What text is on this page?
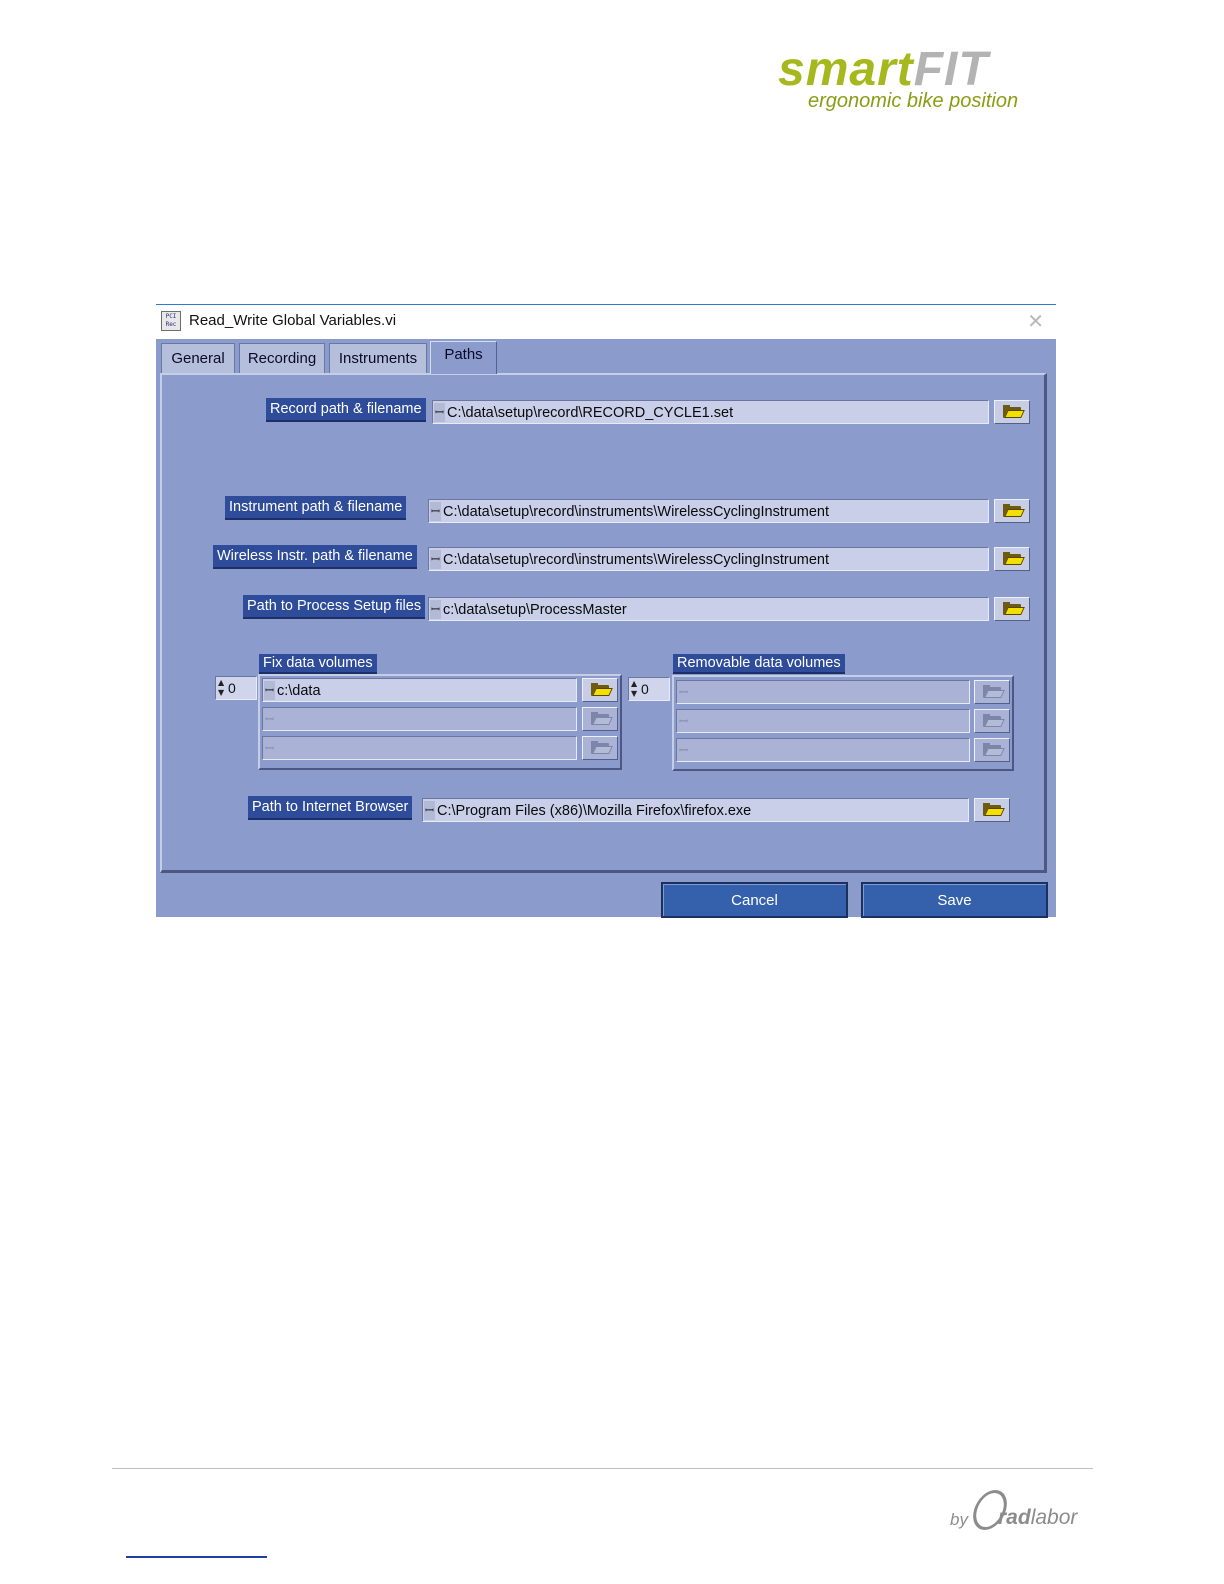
smartFIT
ergonomic bike position
PCI Rec Read_Write Global Variables.vi	✕
General	Recording	Instruments
Record path & filename	ꟷ C:\data\setup\record\RECORD_CYCLE1.set
Instrument path & filename	ꟷ C:\data\setup\record\instruments\WirelessCyclingInstrument
Wireless Instr. path & filename	ꟷ C:\data\setup\record\instruments\WirelessCyclingInstrument
Path to Process Setup files ꟷ c:\data\setup\ProcessMaster
Fix data volumes
▲
▼ 0	ꟷ c:\data
ꟷ
ꟷ
Removable data volumes
▲
▼ 0	ꟷ
ꟷ
ꟷ
Path to Internet Browser	ꟷ C:\Program Files (x86)\Mozilla Firefox\firefox.exe
Paths
Cancel	Save
by radlabor
